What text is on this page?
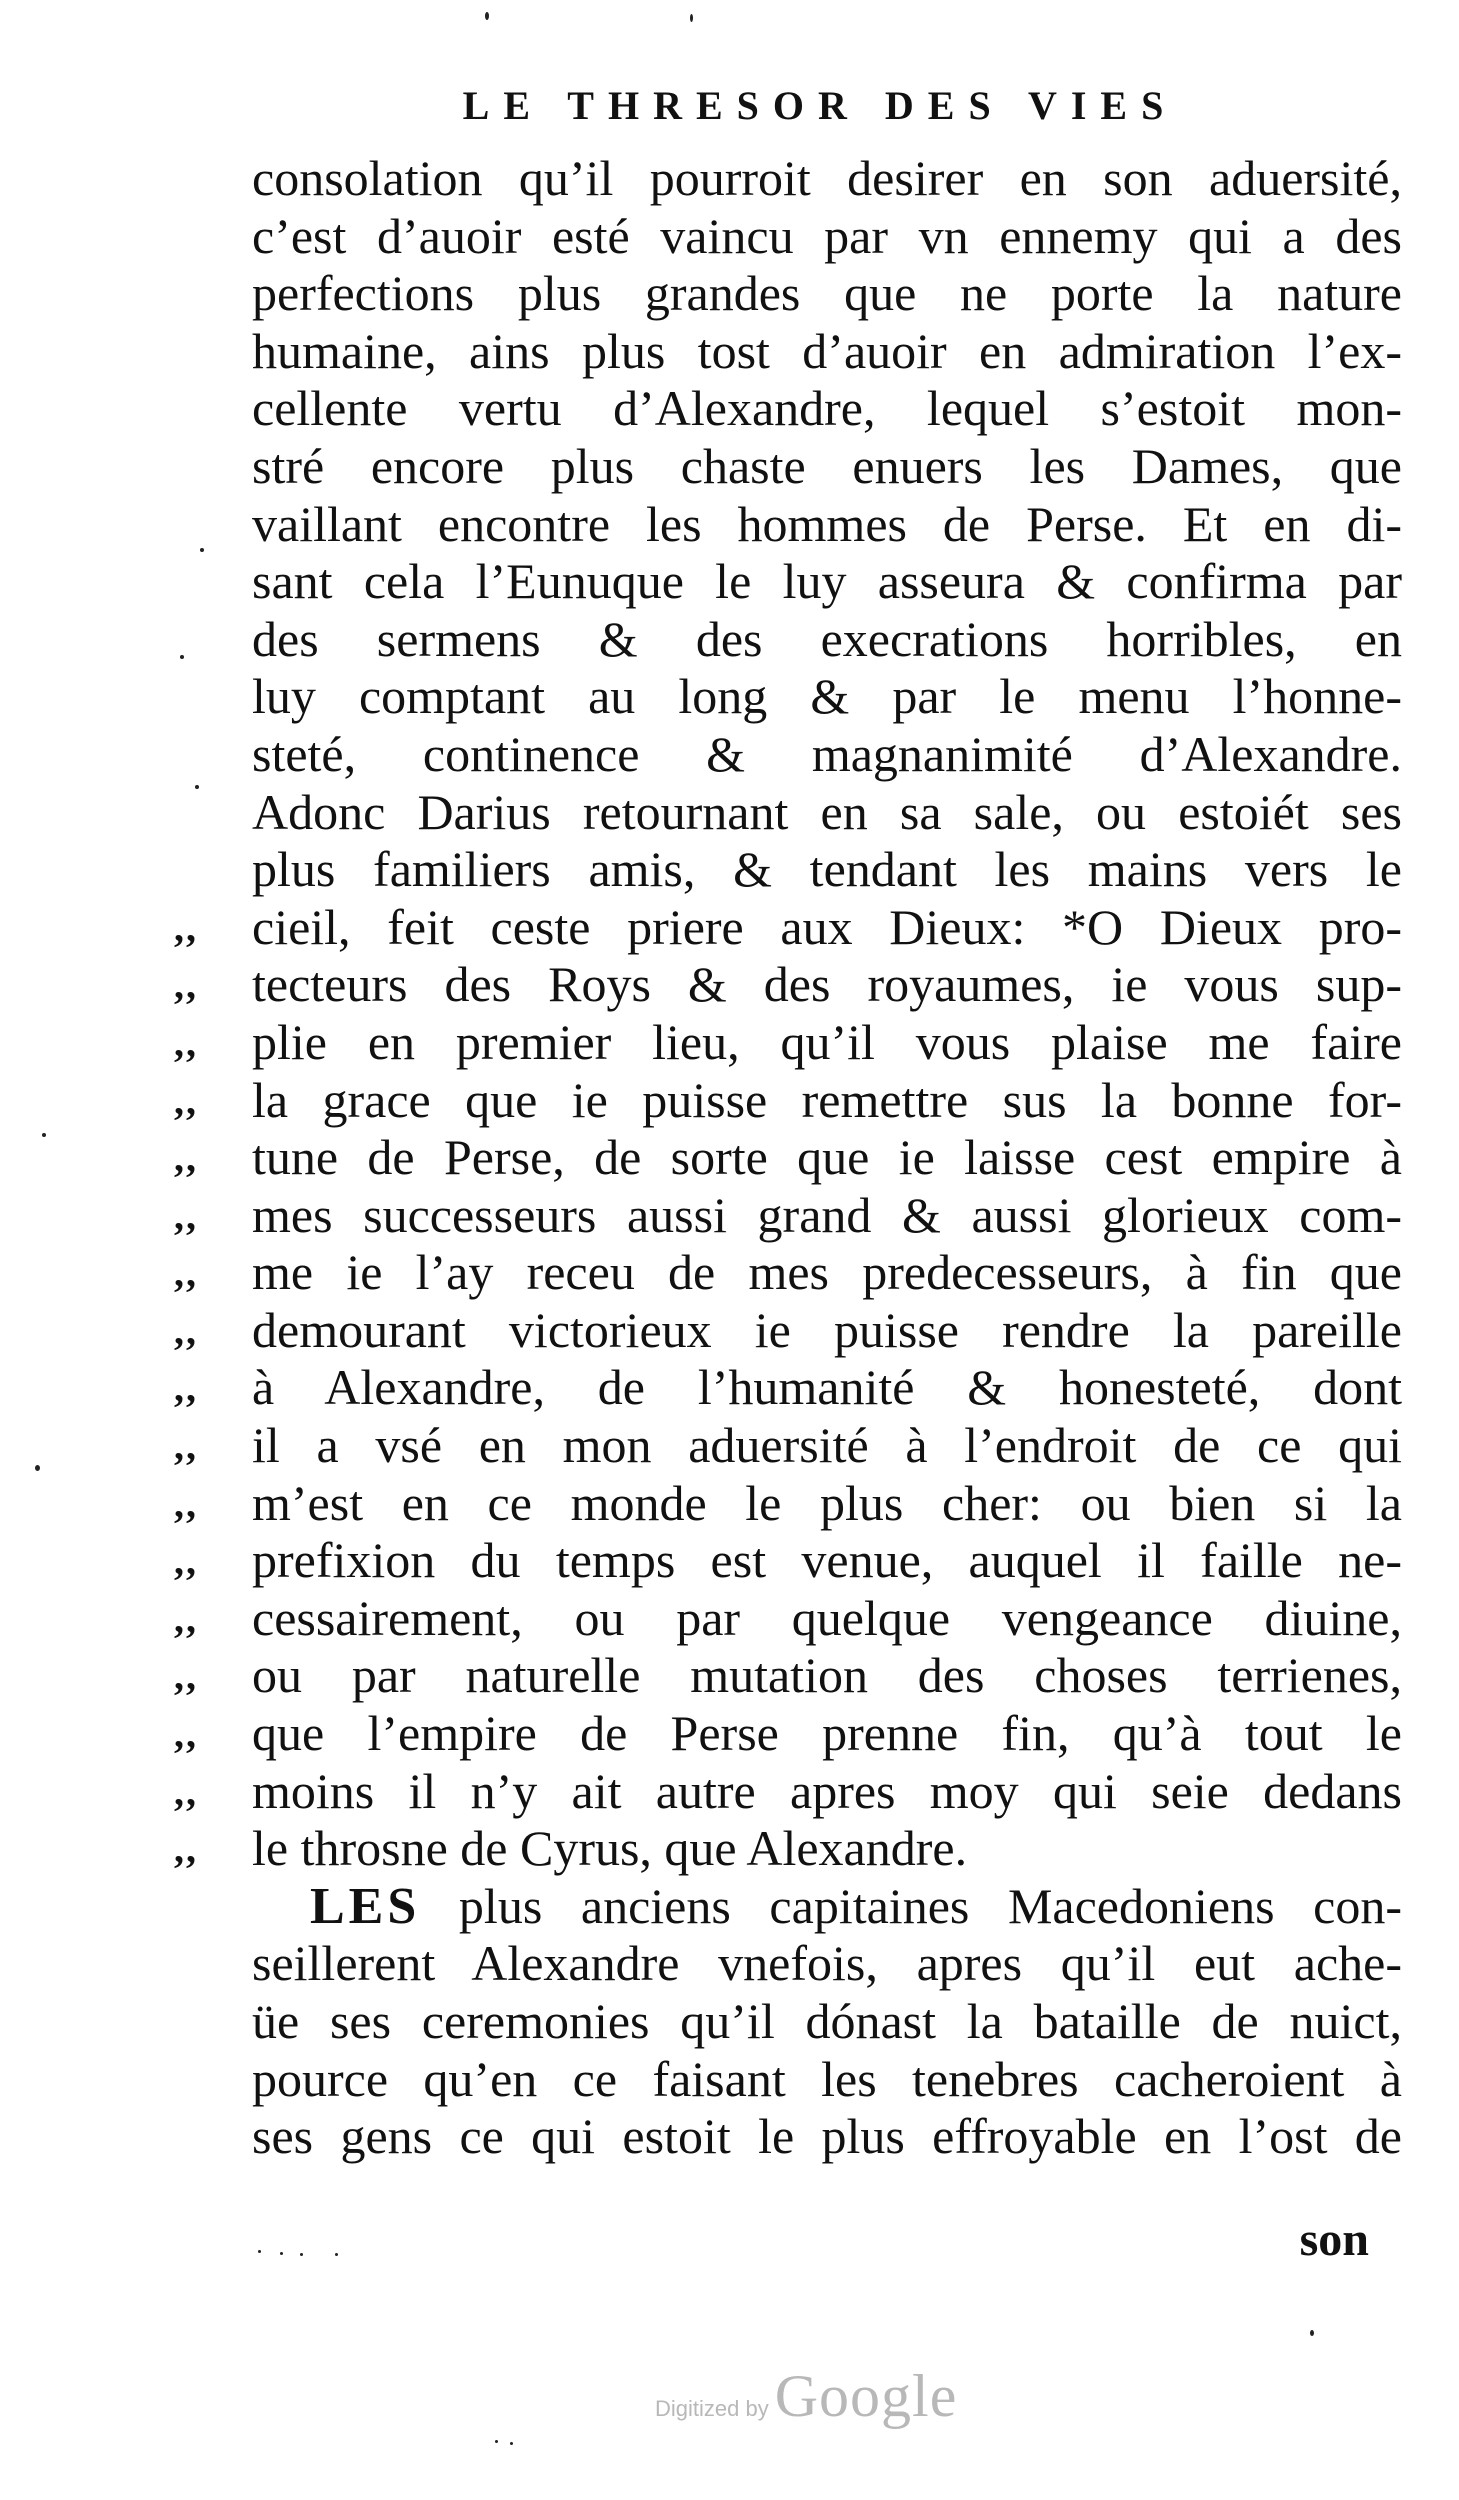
LE THRESOR DES VIES
consolation qu’il pourroit desirer en son aduersité,
c’est d’auoir esté vaincu par vn ennemy qui a des
perfections plus grandes que ne porte la nature
humaine, ains plus tost d’auoir en admiration l’ex-
cellente vertu d’Alexandre, lequel s’estoit mon-
stré encore plus chaste enuers les Dames, que
vaillant encontre les hommes de Perse. Et en di-
sant cela l’Eunuque le luy asseura & confirma par
des sermens & des execrations horribles, en
luy comptant au long & par le menu l’honne-
steté, continence & magnanimité d’Alexandre.
Adonc Darius retournant en sa sale, ou estoiét ses
plus familiers amis, & tendant les mains vers le
,, cieil, feit ceste priere aux Dieux: *O Dieux pro-
,, tecteurs des Roys & des royaumes, ie vous sup-
,, plie en premier lieu, qu’il vous plaise me faire
,, la grace que ie puisse remettre sus la bonne for-
,, tune de Perse, de sorte que ie laisse cest empire à
,, mes successeurs aussi grand & aussi glorieux com-
,, me ie l’ay receu de mes predecesseurs, à fin que
,, demourant victorieux ie puisse rendre la pareille
,, à Alexandre, de l’humanité & honesteté, dont
,, il a vsé en mon aduersité à l’endroit de ce qui
,, m’est en ce monde le plus cher: ou bien si la
,, prefixion du temps est venue, auquel il faille ne-
,, cessairement, ou par quelque vengeance diuine,
,, ou par naturelle mutation des choses terrienes,
,, que l’empire de Perse prenne fin, qu’à tout le
,, moins il n’y ait autre apres moy qui seie dedans
,, le throsne de Cyrus, que Alexandre.
LES plus anciens capitaines Macedoniens con-
seillerent Alexandre vnefois, apres qu’il eut ache-
üe ses ceremonies qu’il dónast la bataille de nuict,
pource qu’en ce faisant les tenebres cacheroient à
ses gens ce qui estoit le plus effroyable en l’ost de
son
Digitized by Google
